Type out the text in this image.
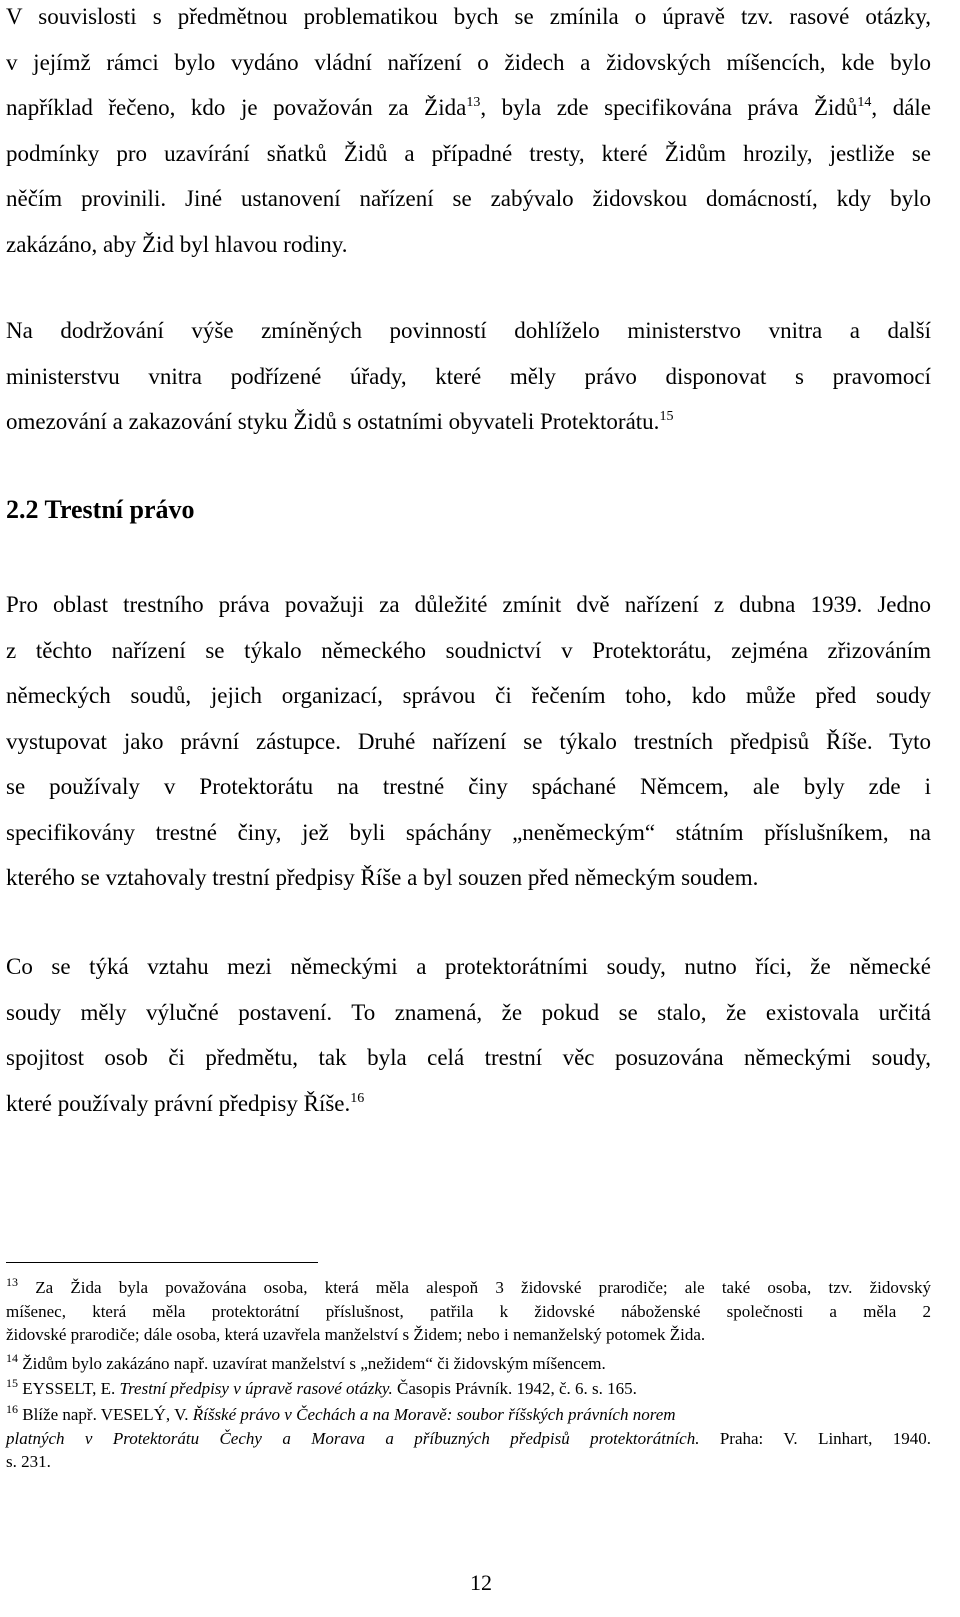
V souvislosti s předmětnou problematikou bych se zmínila o úpravě tzv. rasové otázky,
v jejímž rámci bylo vydáno vládní nařízení o židech a židovských míšencích, kde bylo
například řečeno, kdo je považován za Žida$^{13}$, byla zde specifikována práva Židů$^{14}$, dále
podmínky pro uzavírání sňatků Židů a případné tresty, které Židům hrozily, jestliže se
něčím provinili. Jiné ustanovení nařízení se zabývalo židovskou domácností, kdy bylo
zakázáno, aby Žid byl hlavou rodiny.
Na dodržování výše zmíněných povinností dohlíželo ministerstvo vnitra a další
ministerstvu vnitra podřízené úřady, které měly právo disponovat s pravomocí
omezování a zakazování styku Židů s ostatními obyvateli Protektorátu.$^{15}$
2.2 Trestní právo
Pro oblast trestního práva považuji za důležité zmínit dvě nařízení z dubna 1939. Jedno
z těchto nařízení se týkalo německého soudnictví v Protektorátu, zejména zřizováním
německých soudů, jejich organizací, správou či řečením toho, kdo může před soudy
vystupovat jako právní zástupce. Druhé nařízení se týkalo trestních předpisů Říše. Tyto
se používaly v Protektorátu na trestné činy spáchané Němcem, ale byly zde i
specifikovány trestné činy, jež byli spáchány „neněmeckým“ státním příslušníkem, na
kterého se vztahovaly trestní předpisy Říše a byl souzen před německým soudem.
Co se týká vztahu mezi německými a protektorátními soudy, nutno říci, že německé
soudy měly výlučné postavení. To znamená, že pokud se stalo, že existovala určitá
spojitost osob či předmětu, tak byla celá trestní věc posuzována německými soudy,
které používaly právní předpisy Říše.$^{16}$
$^{13}$ Za Žida byla považována osoba, která měla alespoň 3 židovské prarodiče; ale také osoba, tzv. židovský
míšenec, která měla protektorátní příslušnost, patřila k židovské náboženské společnosti a měla 2
židovské prarodiče; dále osoba, která uzavřela manželství s Židem; nebo i nemanželský potomek Žida.
$^{14}$ Židům bylo zakázáno např. uzavírat manželství s „nežidem“ či židovským míšencem.
$^{15}$ EYSSELT, E. Trestní předpisy v úpravě rasové otázky. Časopis Právník. 1942, č. 6. s. 165.
$^{16}$ Blíže např. VESELÝ, V. Říšské právo v Čechách a na Moravě: soubor říšských právních norem
platných v Protektorátu Čechy a Morava a příbuzných předpisů protektorátních. Praha: V. Linhart, 1940.
s. 231.
12
